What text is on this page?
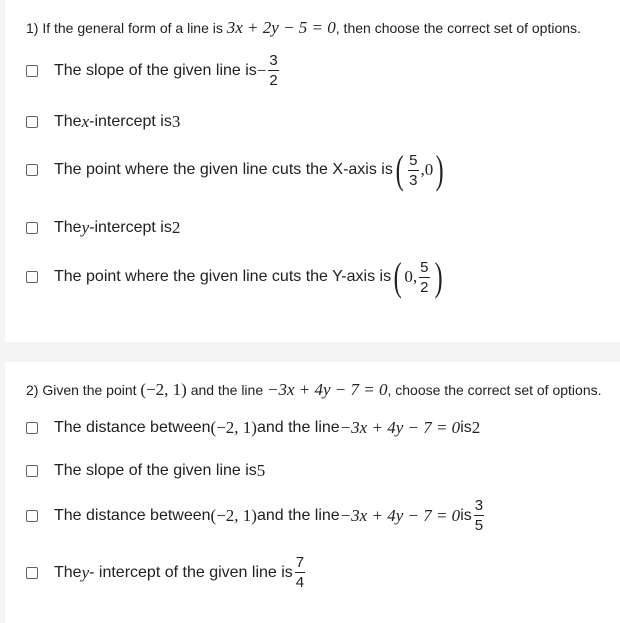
1) If the general form of a line is 3x + 2y − 5 = 0, then choose the correct set of options.
The slope of the given line is − $\frac{3}{2}$
The x -intercept is 3
The point where the given line cuts the X-axis is ( $\frac{5}{3}$ , 0 )
The y -intercept is 2
The point where the given line cuts the Y-axis is ( 0 , $\frac{5}{2}$ )
2) Given the point (−2, 1) and the line −3x + 4y − 7 = 0, choose the correct set of options.
The distance between (−2, 1) and the line −3x + 4y − 7 = 0 is 2
The slope of the given line is 5
The distance between (−2, 1) and the line −3x + 4y − 7 = 0 is $\frac{3}{5}$
The y - intercept of the given line is $\frac{7}{4}$
